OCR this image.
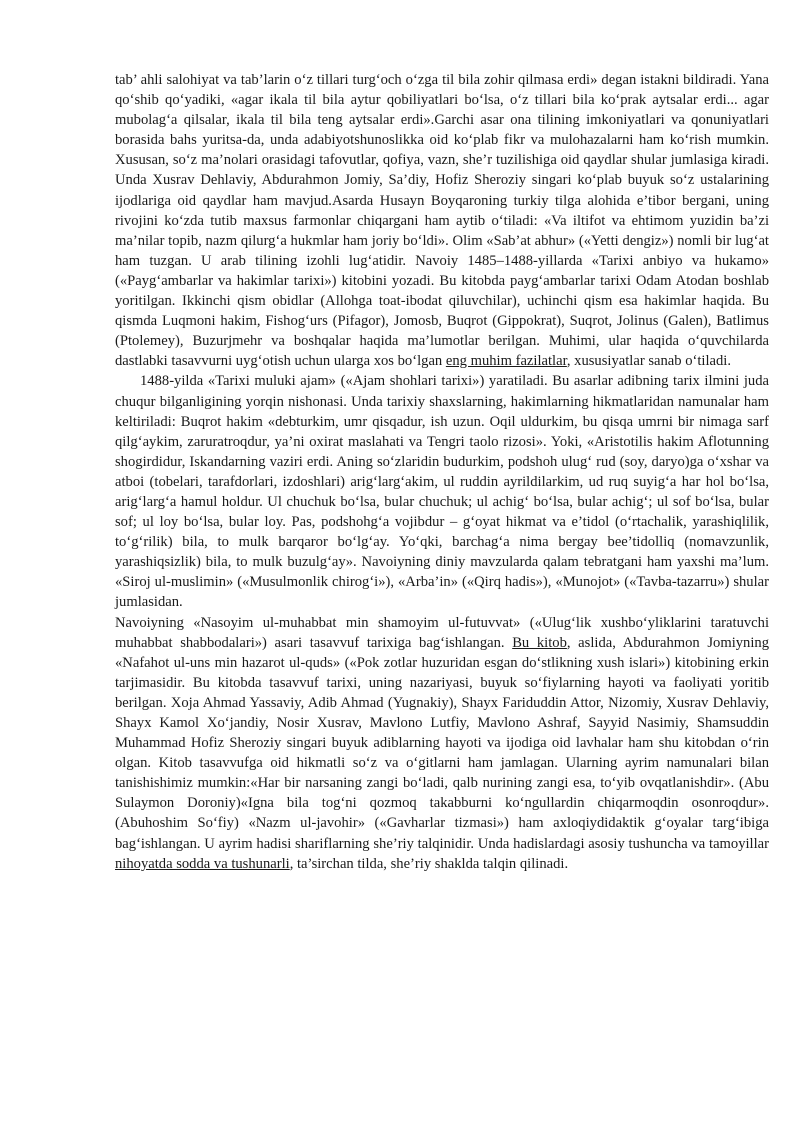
tab’ ahli salohiyat va tab’larin o‘z tillari turg‘och o‘zga til bila zohir qilmasa erdi» degan istakni bildiradi. Yana qo‘shib qo‘yadiki, «agar ikala til bila aytur qobiliyatlari bo‘lsa, o‘z tillari bila ko‘prak aytsalar erdi... agar mubolag‘a qilsalar, ikala til bila teng aytsalar erdi».Garchi asar ona tilining imkoniyatlari va qonuniyatlari borasida bahs yuritsa-da, unda adabiyotshunoslikka oid ko‘plab fikr va mulohazalarni ham ko‘rish mumkin. Xususan, so‘z ma’nolari orasidagi tafovutlar, qofiya, vazn, she’r tuzilishiga oid qaydlar shular jumlasiga kiradi. Unda Xusrav Dehlaviy, Abdurahmon Jomiy, Sa’diy, Hofiz Sheroziy singari ko‘plab buyuk so‘z ustalarining ijodlariga oid qaydlar ham mavjud.Asarda Husayn Boyqaroning turkiy tilga alohida e’tibor bergani, uning rivojini ko‘zda tutib maxsus farmonlar chiqargani ham aytib o‘tiladi: «Va iltifot va ehtimom yuzidin ba’zi ma’nilar topib, nazm qilurg‘a hukmlar ham joriy bo‘ldi». Olim «Sab’at abhur» («Yetti dengiz») nomli bir lug‘at ham tuzgan. U arab tilining izohli lug‘atidir. Navoiy 1485–1488-yillarda «Tarixi anbiyo va hukamo» («Payg‘ambarlar va hakimlar tarixi») kitobini yozadi. Bu kitobda payg‘ambarlar tarixi Odam Atodan boshlab yoritilgan. Ikkinchi qism obidlar (Allohga toat-ibodat qiluvchilar), uchinchi qism esa hakimlar haqida. Bu qismda Luqmoni hakim, Fishog‘urs (Pifagor), Jomosb, Buqrot (Gippokrat), Suqrot, Jolinus (Galen), Batlimus (Ptolemey), Buzurjmehr va boshqalar haqida ma’lumotlar berilgan. Muhimi, ular haqida o‘quvchilarda dastlabki tasavvurni uyg‘otish uchun ularga xos bo‘lgan eng muhim fazilatlar, xususiyatlar sanab o‘tiladi.

1488-yilda «Tarixi muluki ajam» («Ajam shohlari tarixi») yaratiladi. Bu asarlar adibning tarix ilmini juda chuqur bilganligining yorqin nishonasi. Unda tarixiy shaxslarning, hakimlarning hikmatlaridan namunalar ham keltiriladi: Buqrot hakim «debturkim, umr qisqadur, ish uzun. Oqil uldurkim, bu qisqa umrni bir nimaga sarf qilg‘aykim, zaruratroqdur, ya’ni oxirat maslahati va Tengri taolo rizosi». Yoki, «Aristotilis hakim Aflotunning shogirdidur, Iskandarning vaziri erdi. Aning so‘zlaridin budurkim, podshoh ulug‘ rud (soy, daryo)ga o‘xshar va atboi (tobelari, tarafdorlari, izdoshlari) arig‘larg‘akim, ul ruddin ayrildilarkim, ud ruq suyig‘a har hol bo‘lsa, arig‘larg‘a hamul holdur. Ul chuchuk bo‘lsa, bular chuchuk; ul achig‘ bo‘lsa, bular achig‘; ul sof bo‘lsa, bular sof; ul loy bo‘lsa, bular loy. Pas, podshohg‘a vojibdur – g‘oyat hikmat va e’tidol (o‘rtachalik, yarashiqlilik, to‘g‘rilik) bila, to mulk barqaror bo‘lg‘ay. Yo‘qki, barchag‘a nima bergay bee’tidolliq (nomavzunlik, yarashiqsizlik) bila, to mulk buzulg‘ay». Navoiyning diniy mavzularda qalam tebratgani ham yaxshi ma’lum. «Siroj ul-muslimin» («Musulmonlik chirog‘i»), «Arba’in» («Qirq hadis»), «Munojot» («Tavba-tazarru») shular jumlasidan.

Navoiyning «Nasoyim ul-muhabbat min shamoyim ul-futuvvat» («Ulug‘lik xushbo‘yliklarini taratuvchi muhabbat shabbodalari») asari tasavvuf tarixiga bag‘ishlangan. Bu kitob, aslida, Abdurahmon Jomiyning «Nafahot ul-uns min hazarot ul-quds» («Pok zotlar huzuridan esgan do‘stlikning xush islari») kitobining erkin tarjimasidir. Bu kitobda tasavvuf tarixi, uning nazariyasi, buyuk so‘fiylarning hayoti va faoliyati yoritib berilgan. Xoja Ahmad Yassaviy, Adib Ahmad (Yugnakiy), Shayx Fariduddin Attor, Nizomiy, Xusrav Dehlaviy, Shayx Kamol Xo‘jandiy, Nosir Xusrav, Mavlono Lutfiy, Mavlono Ashraf, Sayyid Nasimiy, Shamsuddin Muhammad Hofiz Sheroziy singari buyuk adiblarning hayoti va ijodiga oid lavhalar ham shu kitobdan o‘rin olgan. Kitob tasavvufga oid hikmatli so‘z va o‘gitlarni ham jamlagan. Ularning ayrim namunalari bilan tanishishimiz mumkin:«Har bir narsaning zangi bo‘ladi, qalb nurining zangi esa, to‘yib ovqatlanishdir». (Abu Sulaymon Doroniy)«Igna bila tog‘ni qozmoq takabburni ko‘ngullardin chiqarmoqdin osonroqdur». (Abuhoshim So‘fiy) «Nazm ul-javohir» («Gavharlar tizmasi») ham axloqiydidaktik g‘oyalar targ‘ibiga bag‘ishlangan. U ayrim hadisi shariflarning she’riy talqinidir. Unda hadislardagi asosiy tushuncha va tamoyillar nihoyatda sodda va tushunarli, ta’sirchan tilda, she’riy shaklda talqin qilinadi.
